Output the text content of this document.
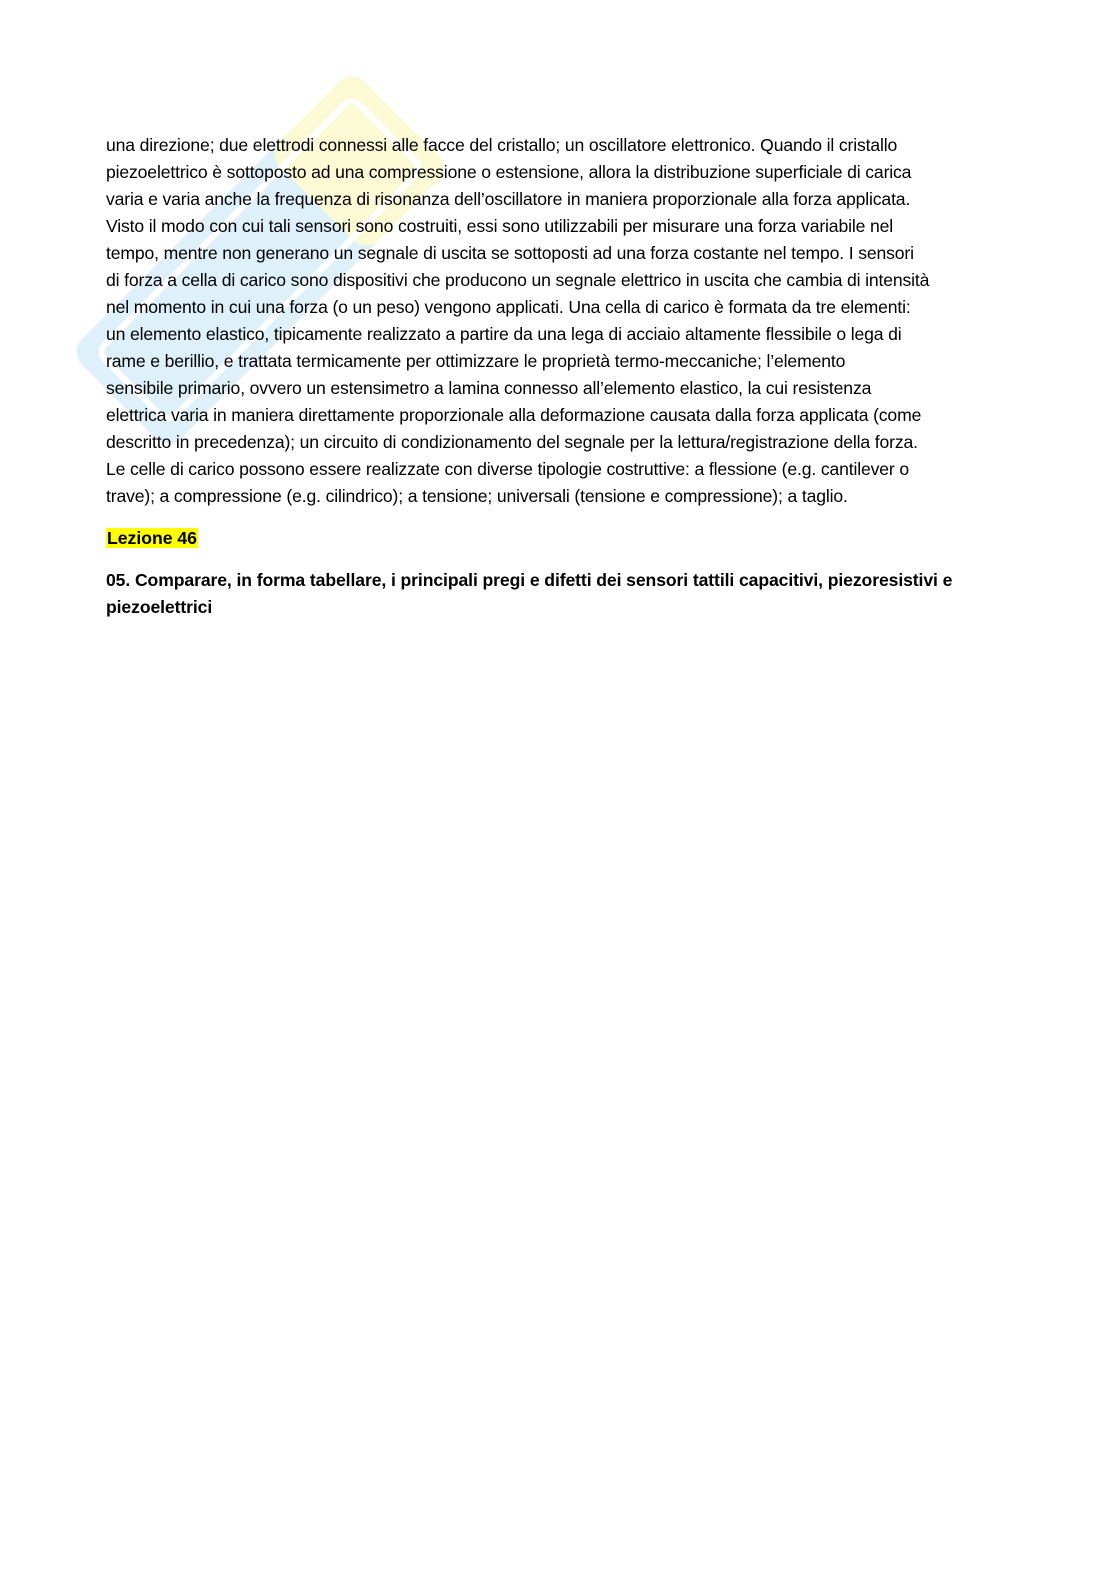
una direzione; due elettrodi connessi alle facce del cristallo; un oscillatore elettronico. Quando il cristallo
piezoelettrico è sottoposto ad una compressione o estensione, allora la distribuzione superficiale di carica
varia e varia anche la frequenza di risonanza dell’oscillatore in maniera proporzionale alla forza applicata.
Visto il modo con cui tali sensori sono costruiti, essi sono utilizzabili per misurare una forza variabile nel
tempo, mentre non generano un segnale di uscita se sottoposti ad una forza costante nel tempo. I sensori
di forza a cella di carico sono dispositivi che producono un segnale elettrico in uscita che cambia di intensità
nel momento in cui una forza (o un peso) vengono applicati. Una cella di carico è formata da tre elementi:
un elemento elastico, tipicamente realizzato a partire da una lega di acciaio altamente flessibile o lega di
rame e berillio, e trattata termicamente per ottimizzare le proprietà termo-meccaniche; l’elemento
sensibile primario, ovvero un estensimetro a lamina connesso all’elemento elastico, la cui resistenza
elettrica varia in maniera direttamente proporzionale alla deformazione causata dalla forza applicata (come
descritto in precedenza); un circuito di condizionamento del segnale per la lettura/registrazione della forza.
Le celle di carico possono essere realizzate con diverse tipologie costruttive: a flessione (e.g. cantilever o
trave); a compressione (e.g. cilindrico); a tensione; universali (tensione e compressione); a taglio.
Lezione 46
05. Comparare, in forma tabellare, i principali pregi e difetti dei sensori tattili capacitivi, piezoresistivi e
piezoelettrici
